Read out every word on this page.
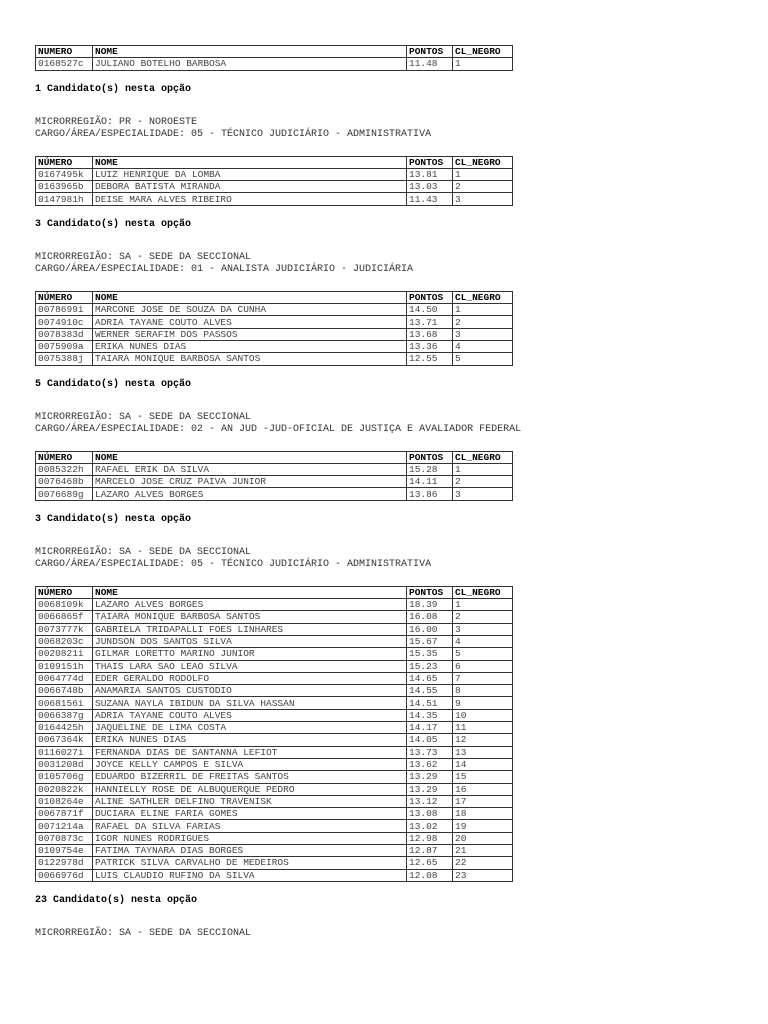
NUMERO	NOME	PONTOS	CL_NEGRO
0168527c	JULIANO BOTELHO BARBOSA	11.48	1
1 Candidato(s) nesta opção
MICRORREGIÃO: PR - NOROESTE
CARGO/ÁREA/ESPECIALIDADE: 05 - TÉCNICO JUDICIÁRIO - ADMINISTRATIVA
NÚMERO	NOME	PONTOS	CL_NEGRO
0167495k	LUIZ HENRIQUE DA LOMBA	13.81	1
0163965b	DEBORA BATISTA MIRANDA	13.03	2
0147981h	DEISE MARA ALVES RIBEIRO	11.43	3
3 Candidato(s) nesta opção
MICRORREGIÃO: SA - SEDE DA SECCIONAL
CARGO/ÁREA/ESPECIALIDADE: 01 - ANALISTA JUDICIÁRIO - JUDICIÁRIA
NÚMERO	NOME	PONTOS	CL_NEGRO
0078699i	MARCONE JOSE DE SOUZA DA CUNHA	14.50	1
0074910c	ADRIA TAYANE COUTO ALVES	13.71	2
0078383d	WERNER SERAFIM DOS PASSOS	13.68	3
0075909a	ERIKA NUNES DIAS	13.36	4
0075388j	TAIARA MONIQUE BARBOSA SANTOS	12.55	5
5 Candidato(s) nesta opção
MICRORREGIÃO: SA - SEDE DA SECCIONAL
CARGO/ÁREA/ESPECIALIDADE: 02 - AN JUD -JUD-OFICIAL DE JUSTIÇA E AVALIADOR FEDERAL
NÚMERO	NOME	PONTOS	CL_NEGRO
0085322h	RAFAEL ERIK DA SILVA	15.28	1
0076468b	MARCELO JOSE CRUZ PAIVA JUNIOR	14.11	2
0076689g	LAZARO ALVES BORGES	13.86	3
3 Candidato(s) nesta opção
MICRORREGIÃO: SA - SEDE DA SECCIONAL
CARGO/ÁREA/ESPECIALIDADE: 05 - TÉCNICO JUDICIÁRIO - ADMINISTRATIVA
NÚMERO	NOME	PONTOS	CL_NEGRO
0068109k	LAZARO ALVES BORGES	18.39	1
0066865f	TAIARA MONIQUE BARBOSA SANTOS	16.08	2
0073777k	GABRIELA TRIDAPALLI FOES LINHARES	16.00	3
0068203c	JUNDSON DOS SANTOS SILVA	15.67	4
0020821i	GILMAR LORETTO MARINO JUNIOR	15.35	5
0109151h	THAIS LARA SAO LEAO SILVA	15.23	6
0064774d	EDER GERALDO RODOLFO	14.65	7
0066748b	ANAMARIA SANTOS CUSTODIO	14.55	8
0068156i	SUZANA NAYLA IBIDUN DA SILVA HASSAN	14.51	9
0066387g	ADRIA TAYANE COUTO ALVES	14.35	10
0164425h	JAQUELINE DE LIMA COSTA	14.17	11
0067364k	ERIKA NUNES DIAS	14.05	12
0116027i	FERNANDA DIAS DE SANTANNA LEFIOT	13.73	13
0031208d	JOYCE KELLY CAMPOS E SILVA	13.62	14
0105706g	EDUARDO BIZERRIL DE FREITAS SANTOS	13.29	15
0020822k	HANNIELLY ROSE DE ALBUQUERQUE PEDRO	13.29	16
0108264e	ALINE SATHLER DELFINO TRAVENISK	13.12	17
0067871f	DUCIARA ELINE FARIA GOMES	13.08	18
0071214a	RAFAEL DA SILVA FARIAS	13.02	19
0070873c	IGOR NUNES RODRIGUES	12.98	20
0109754e	FATIMA TAYNARA DIAS BORGES	12.87	21
0122978d	PATRICK SILVA CARVALHO DE MEDEIROS	12.65	22
0066976d	LUIS CLAUDIO RUFINO DA SILVA	12.08	23
23 Candidato(s) nesta opção
MICRORREGIÃO: SA - SEDE DA SECCIONAL
